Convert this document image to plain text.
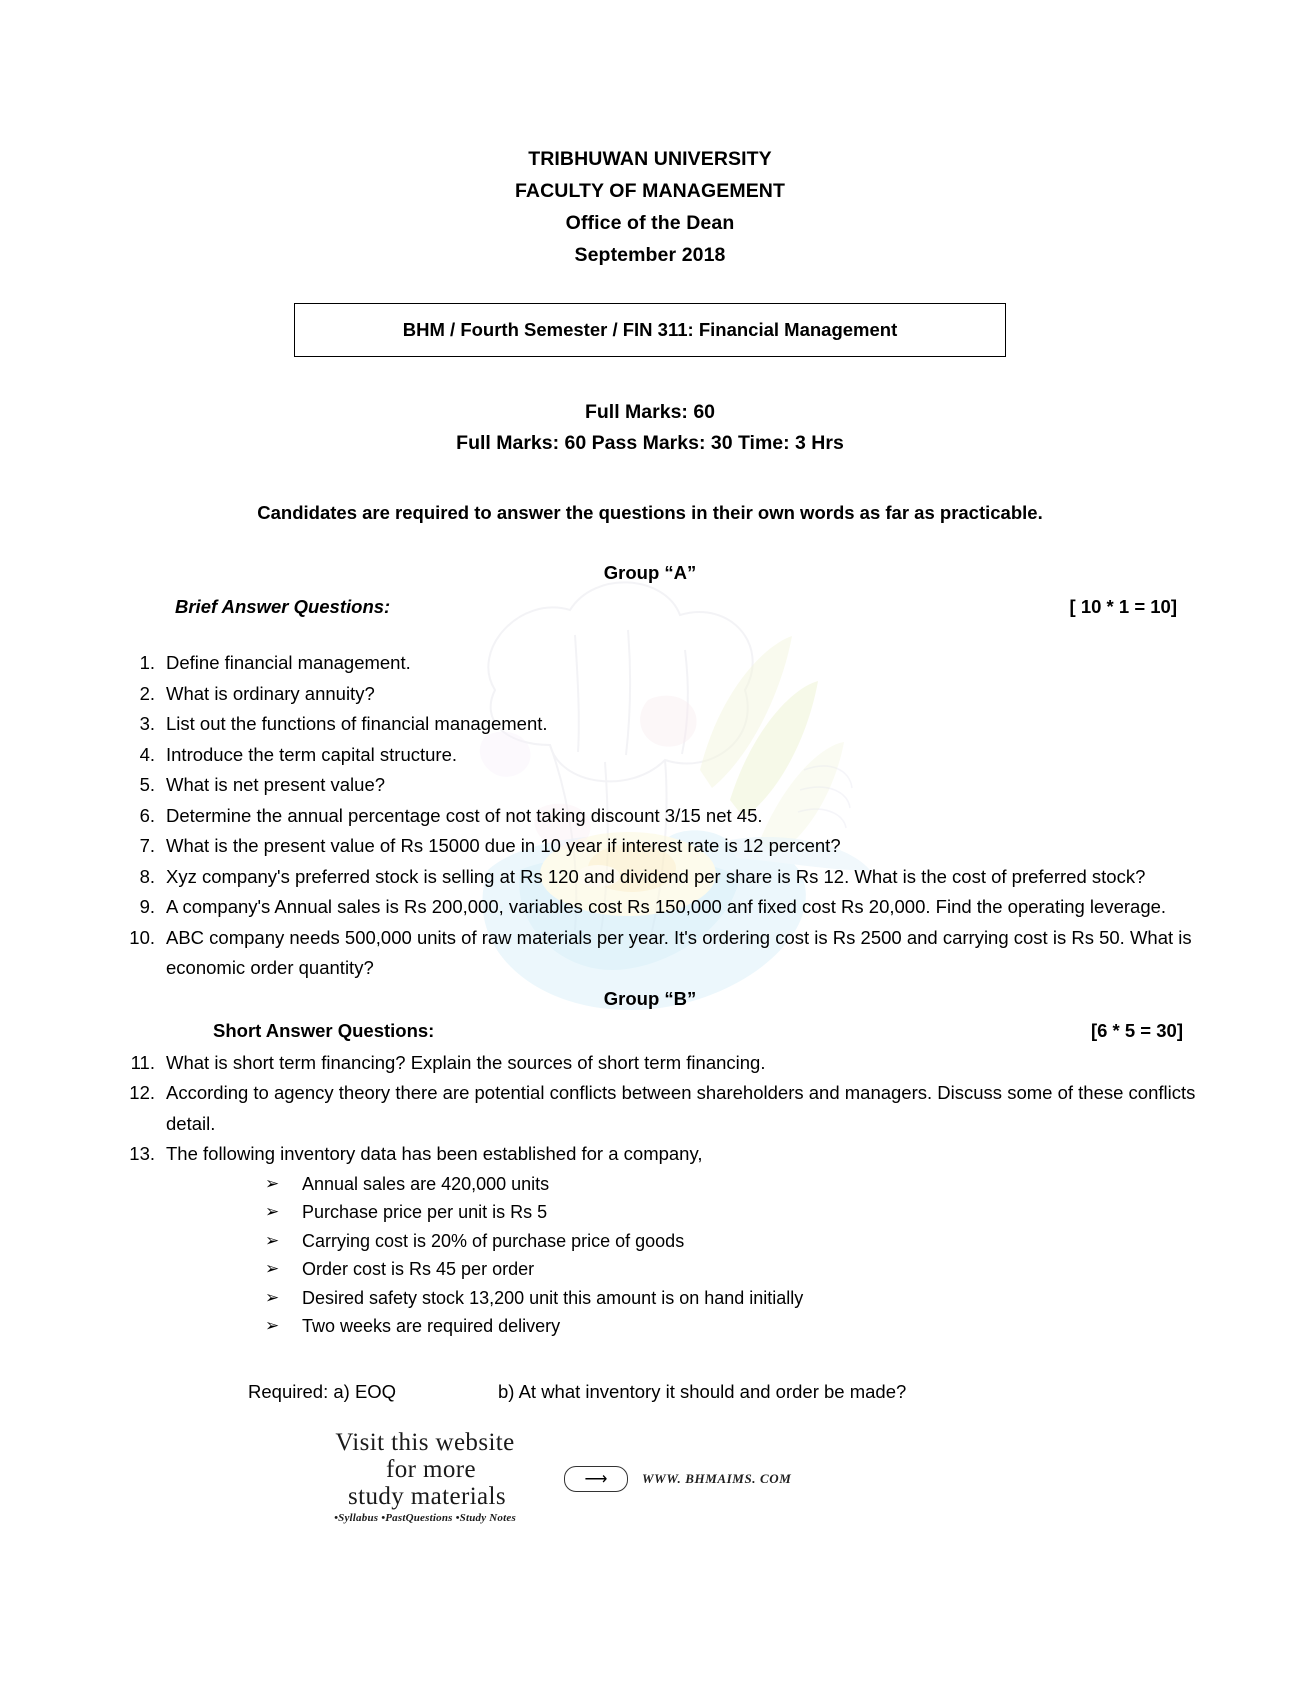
TRIBHUWAN UNIVERSITY
FACULTY OF MANAGEMENT
Office of the Dean
September 2018
BHM / Fourth Semester / FIN 311: Financial Management
Full Marks: 60
Full Marks: 60 Pass Marks: 30 Time: 3 Hrs
Candidates are required to answer the questions in their own words as far as practicable.
Group “A”
Brief Answer Questions:	[ 10 * 1 = 10]
1. Define financial management.
2. What is ordinary annuity?
3. List out the functions of financial management.
4. Introduce the term capital structure.
5. What is net present value?
6. Determine the annual percentage cost of not taking discount 3/15 net 45.
7. What is the present value of Rs 15000 due in 10 year if interest rate is 12 percent?
8. Xyz company's preferred stock is selling at Rs 120 and dividend per share is Rs 12. What is the cost of preferred stock?
9. A company's Annual sales is Rs 200,000, variables cost Rs 150,000 anf fixed cost Rs 20,000. Find the operating leverage.
10. ABC company needs 500,000 units of raw materials per year. It's ordering cost is Rs 2500 and carrying cost is Rs 50. What is economic order quantity?
Group “B”
Short Answer Questions:	[6 * 5 = 30]
11. What is short term financing? Explain the sources of short term financing.
12. According to agency theory there are potential conflicts between shareholders and managers. Discuss some of these conflicts detail.
13. The following inventory data has been established for a company,
➢	Annual sales are 420,000 units
➢	Purchase price per unit is Rs 5
➢	Carrying cost is 20% of purchase price of goods
➢	Order cost is Rs 45 per order
➢	Desired safety stock 13,200 unit this amount is on hand initially
➢	Two weeks are required delivery
Required: a) EOQ	b) At what inventory it should and order be made?
Visit this website
for more
study materials
•Syllabus •PastQuestions •Study Notes
⟶	WWW. BHMAIMS. COM
